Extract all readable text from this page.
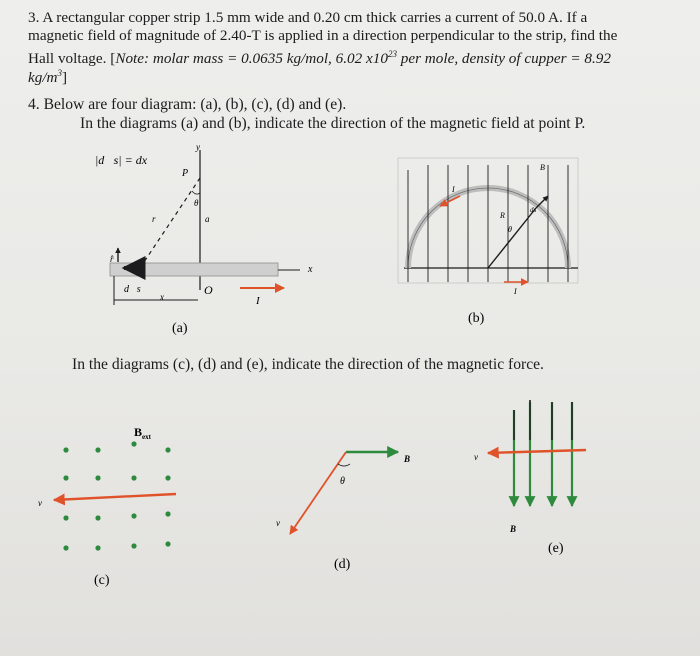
3. A rectangular copper strip 1.5 mm wide and 0.20 cm thick carries a current of 50.0 A. If a
magnetic field of magnitude of 2.40-T is applied in a direction perpendicular to the strip, find the
Hall voltage. [Note: molar mass = 0.0635 kg/mol, 6.02 $x10^{23}$ per mole, density of cupper = 8.92
$kg/m^3$]
4. Below are four diagram: (a), (b), (c), (d) and (e).
In the diagrams (a) and (b), indicate the direction of the magnetic field at point P.
In the diagrams (c), (d) and (e), indicate the direction of the magnetic force.
|d⃗s| = dx
y
P
θ
r	a
x
r̂
d⃗s
x	O
I
(a)
B⃗
R
θ
ds⃗
I
I
(b)
$B_{ext}$
v⃗
(c)
B⃗
v⃗
θ
(d)
v⃗
B⃗
(e)
